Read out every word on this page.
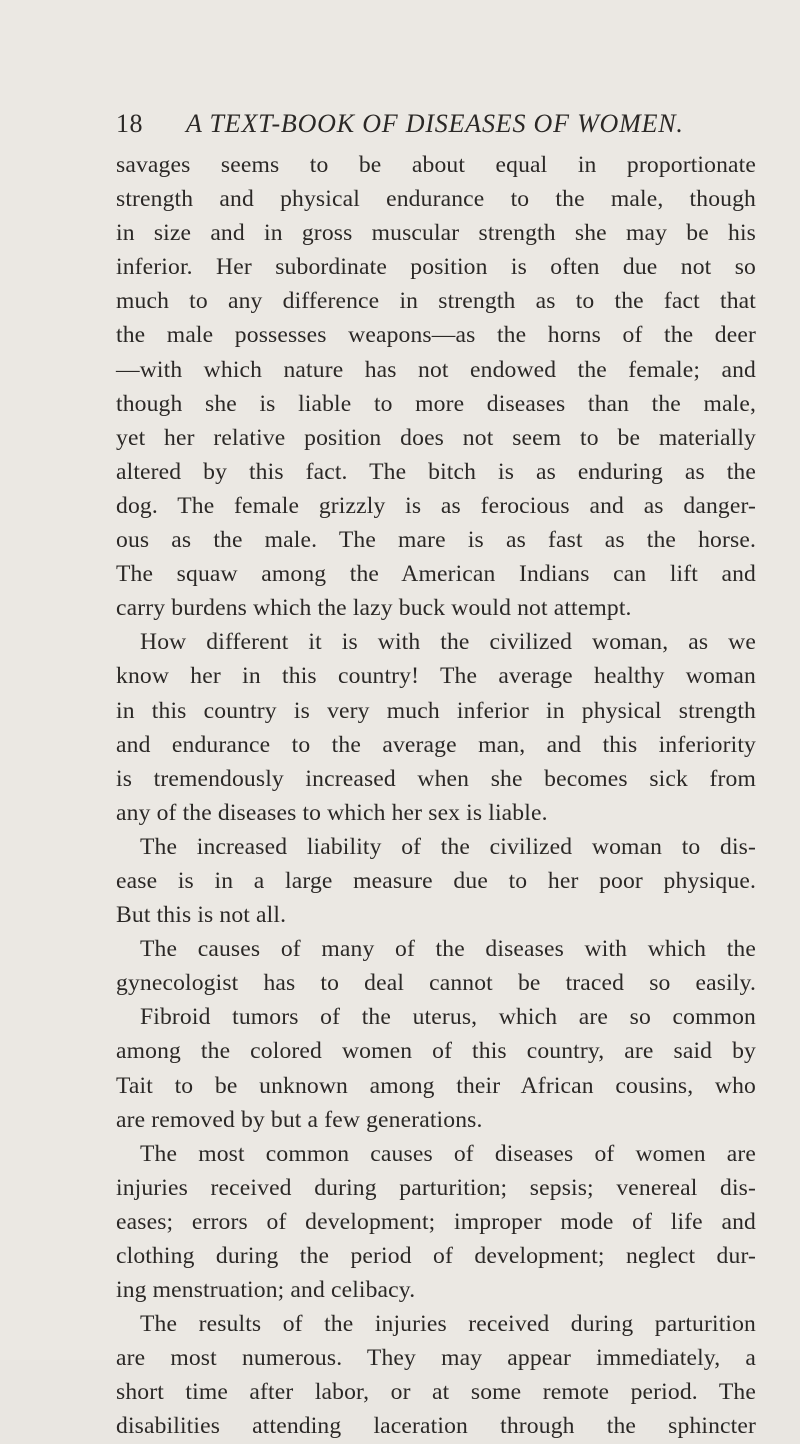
18 A TEXT-BOOK OF DISEASES OF WOMEN.
savages seems to be about equal in proportionate
strength and physical endurance to the male, though
in size and in gross muscular strength she may be his
inferior. Her subordinate position is often due not so
much to any difference in strength as to the fact that
the male possesses weapons—as the horns of the deer
—with which nature has not endowed the female; and
though she is liable to more diseases than the male,
yet her relative position does not seem to be materially
altered by this fact. The bitch is as enduring as the
dog. The female grizzly is as ferocious and as danger-
ous as the male. The mare is as fast as the horse.
The squaw among the American Indians can lift and
carry burdens which the lazy buck would not attempt.
How different it is with the civilized woman, as we
know her in this country! The average healthy woman
in this country is very much inferior in physical strength
and endurance to the average man, and this inferiority
is tremendously increased when she becomes sick from
any of the diseases to which her sex is liable.
The increased liability of the civilized woman to dis-
ease is in a large measure due to her poor physique.
But this is not all.
The causes of many of the diseases with which the
gynecologist has to deal cannot be traced so easily.
Fibroid tumors of the uterus, which are so common
among the colored women of this country, are said by
Tait to be unknown among their African cousins, who
are removed by but a few generations.
The most common causes of diseases of women are
injuries received during parturition; sepsis; venereal dis-
eases; errors of development; improper mode of life and
clothing during the period of development; neglect dur-
ing menstruation; and celibacy.
The results of the injuries received during parturition
are most numerous. They may appear immediately, a
short time after labor, or at some remote period. The
disabilities attending laceration through the sphincter
